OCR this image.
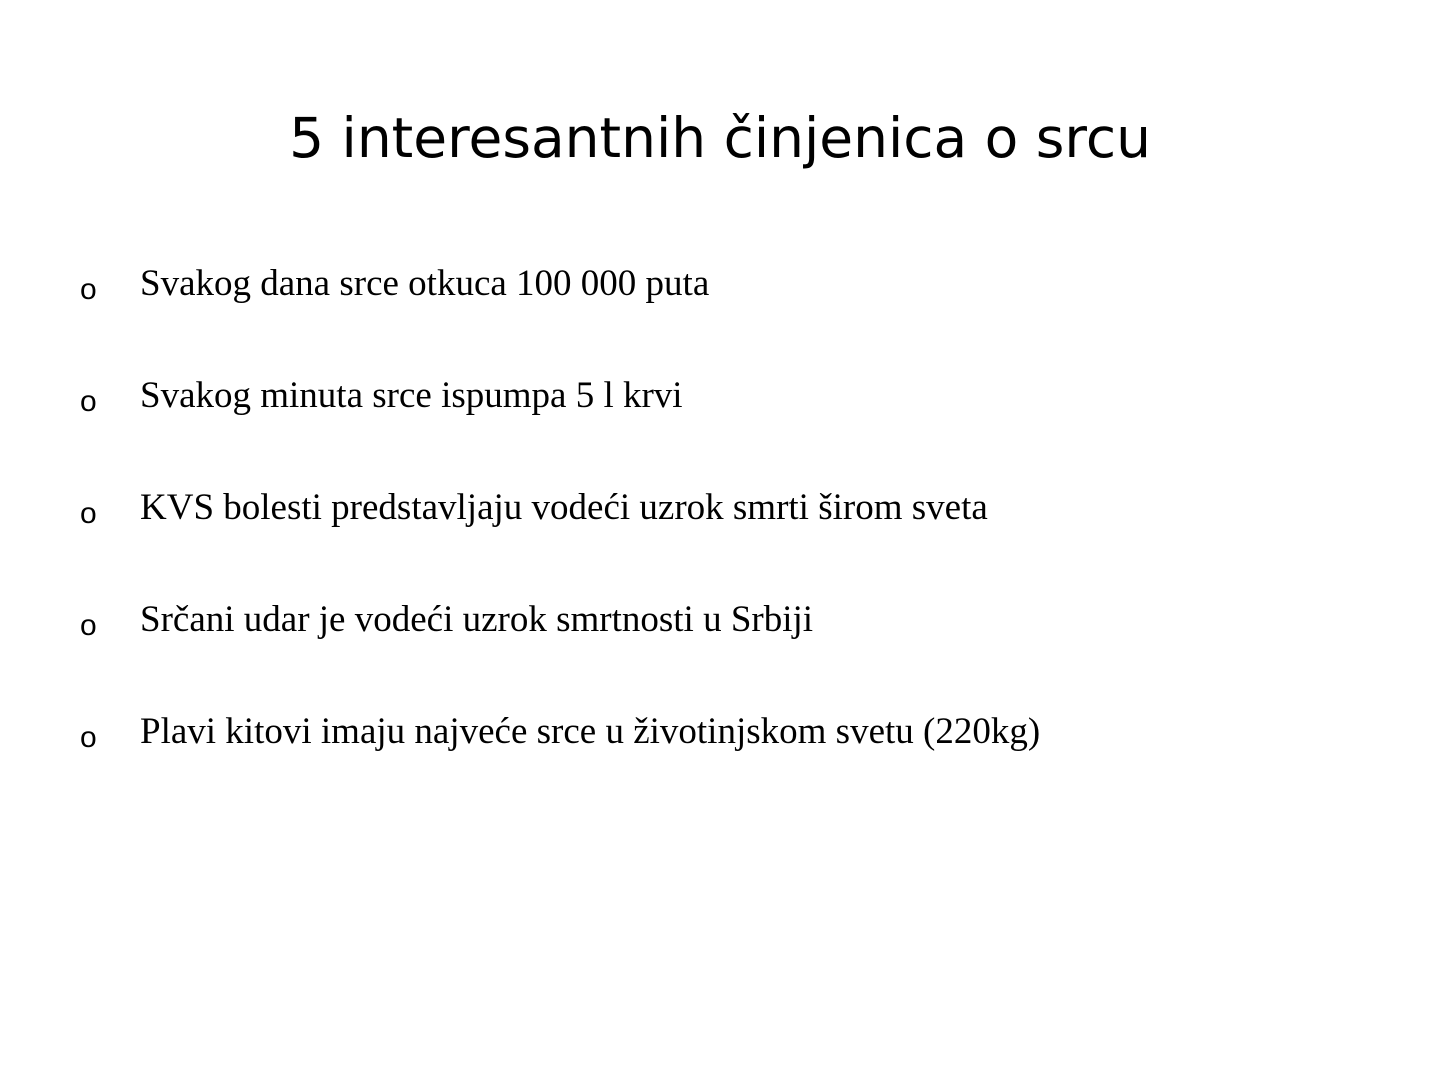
5 interesantnih činjenica o srcu
o	Svakog dana srce otkuca 100 000 puta
o	Svakog minuta srce ispumpa 5 l krvi
o	KVS bolesti predstavljaju vodeći uzrok smrti širom sveta
o	Srčani udar je vodeći uzrok smrtnosti u Srbiji
o	Plavi kitovi imaju najveće srce u životinjskom svetu (220kg)
